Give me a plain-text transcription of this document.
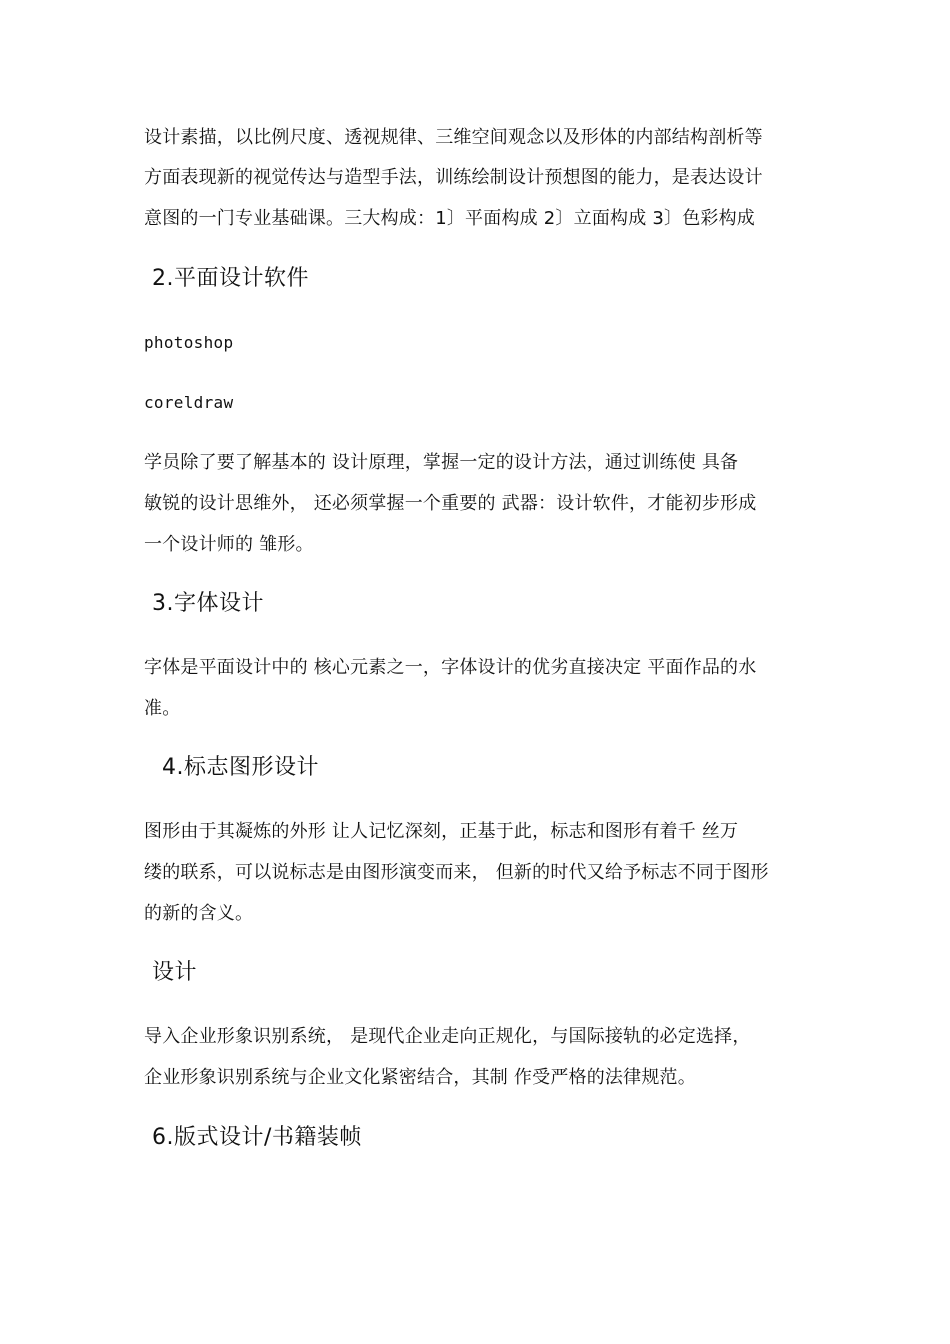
设计素描，以比例尺度、透视规律、三维空间观念以及形体的内部结构剖析等
方面表现新的视觉传达与造型手法，训练绘制设计预想图的能力，是表达设计
意图的一门专业基础课。三大构成：1〕平面构成 2〕立面构成 3〕色彩构成
2.平面设计软件
photoshop
coreldraw
学员除了要了解基本的 设计原理，掌握一定的设计方法，通过训练使 具备
敏锐的设计思维外， 还必须掌握一个重要的 武器：设计软件，才能初步形成
一个设计师的 雏形。
3.字体设计
字体是平面设计中的 核心元素之一，字体设计的优劣直接决定 平面作品的水
准。
4.标志图形设计
图形由于其凝炼的外形 让人记忆深刻，正基于此，标志和图形有着千 丝万
缕的联系，可以说标志是由图形演变而来， 但新的时代又给予标志不同于图形
的新的含义。
设计
导入企业形象识别系统， 是现代企业走向正规化，与国际接轨的必定选择，
企业形象识别系统与企业文化紧密结合，其制 作受严格的法律规范。
6.版式设计/书籍装帧
